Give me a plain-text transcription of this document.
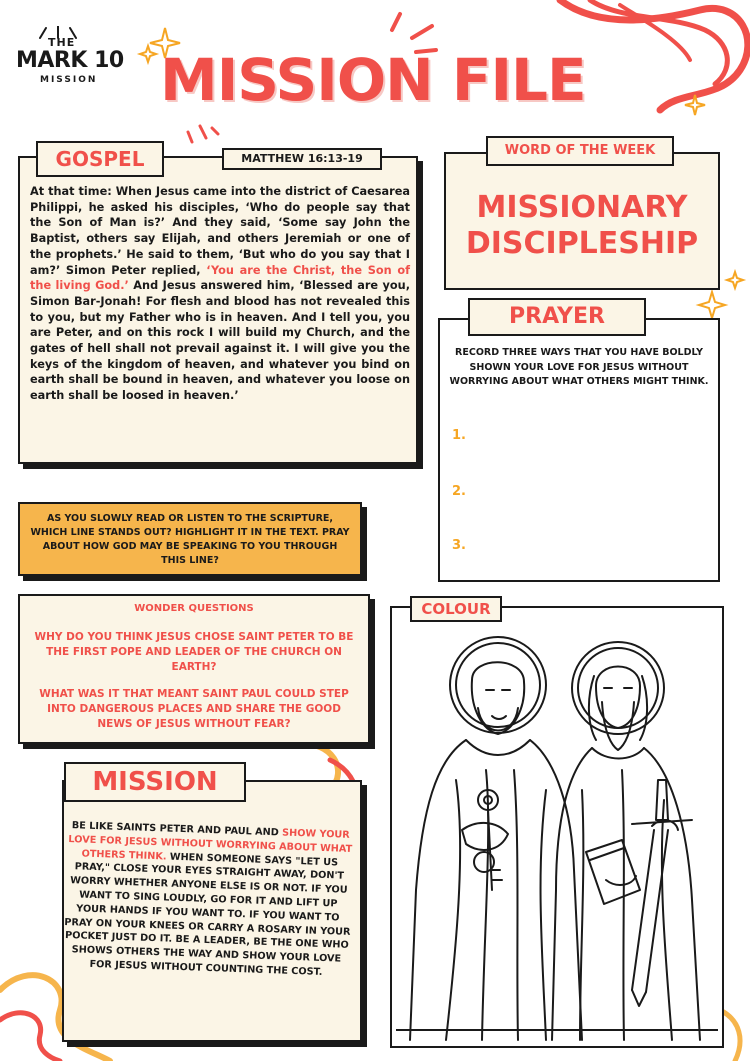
THE
MARK 10
MISSION MISSION FILE
GOSPEL	MATTHEW 16:13-19
At that time: When Jesus came into the district of Caesarea Philippi, he asked his disciples, ‘Who do people say that the Son of Man is?’ And they said, ‘Some say John the Baptist, others say Elijah, and others Jeremiah or one of the prophets.’ He said to them, ‘But who do you say that I am?’ Simon Peter replied, ‘You are the Christ, the Son of the living God.’ And Jesus answered him, ‘Blessed are you, Simon Bar-Jonah! For flesh and blood has not revealed this to you, but my Father who is in heaven. And I tell you, you are Peter, and on this rock I will build my Church, and the gates of hell shall not prevail against it. I will give you the keys of the kingdom of heaven, and whatever you bind on earth shall be bound in heaven, and whatever you loose on earth shall be loosed in heaven.’
WORD OF THE WEEK
MISSIONARY
DISCIPLESHIP
PRAYER
RECORD THREE WAYS THAT YOU HAVE BOLDLY SHOWN YOUR LOVE FOR JESUS WITHOUT WORRYING ABOUT WHAT OTHERS MIGHT THINK.
1.
2.
3.
AS YOU SLOWLY READ OR LISTEN TO THE SCRIPTURE, WHICH LINE STANDS OUT? HIGHLIGHT IT IN THE TEXT. PRAY ABOUT HOW GOD MAY BE SPEAKING TO YOU THROUGH THIS LINE?
WONDER QUESTIONS
WHY DO YOU THINK JESUS CHOSE SAINT PETER TO BE THE FIRST POPE AND LEADER OF THE CHURCH ON EARTH?
WHAT WAS IT THAT MEANT SAINT PAUL COULD STEP INTO DANGEROUS PLACES AND SHARE THE GOOD NEWS OF JESUS WITHOUT FEAR?
MISSION
BE LIKE SAINTS PETER AND PAUL AND SHOW YOUR LOVE FOR JESUS WITHOUT WORRYING ABOUT WHAT OTHERS THINK. WHEN SOMEONE SAYS "LET US PRAY," CLOSE YOUR EYES STRAIGHT AWAY, DON'T WORRY WHETHER ANYONE ELSE IS OR NOT. IF YOU WANT TO SING LOUDLY, GO FOR IT AND LIFT UP YOUR HANDS IF YOU WANT TO. IF YOU WANT TO PRAY ON YOUR KNEES OR CARRY A ROSARY IN YOUR POCKET JUST DO IT. BE A LEADER, BE THE ONE WHO SHOWS OTHERS THE WAY AND SHOW YOUR LOVE FOR JESUS WITHOUT COUNTING THE COST.
COLOUR
